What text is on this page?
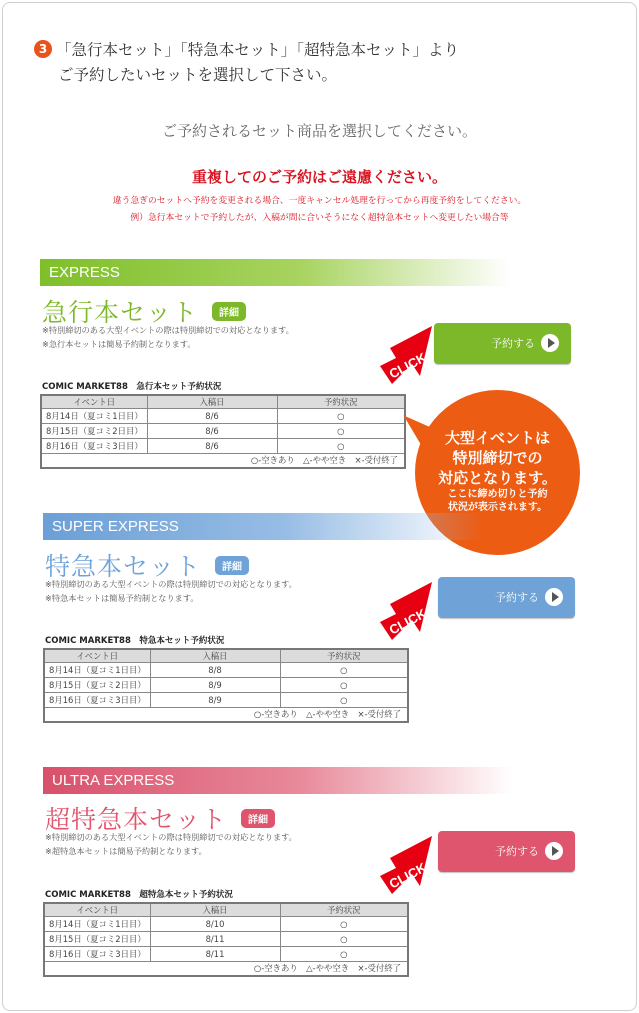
3 「急行本セット」「特急本セット」「超特急本セット」より
ご予約したいセットを選択して下さい。
ご予約されるセット商品を選択してください。
重複してのご予約はご遠慮ください。
違う急ぎのセットへ予約を変更される場合、一度キャンセル処理を行ってから再度予約をしてください。
例）急行本セットで予約したが、入稿が間に合いそうになく超特急本セットへ変更したい場合等
EXPRESS
急行本セット 詳細
※特別締切のある大型イベントの際は特別締切での対応となります。
※急行本セットは簡易予約制となります。	予約する
CLICK
COMIC MARKET88　急行本セット予約状況
イベント日	入稿日	予約状況
8月14日（夏コミ1日目）	8/6	○
8月15日（夏コミ2日目）	8/6	○
8月16日（夏コミ3日目）	8/6	○
○-空きあり　△-やや空き　×-受付終了		
大型イベントは
特別締切での
対応となります。
ここに締め切りと予約
状況が表示されます。
SUPER EXPRESS
特急本セット 詳細
※特別締切のある大型イベントの際は特別締切での対応となります。
※特急本セットは簡易予約制となります。	予約する
CLICK
COMIC MARKET88　特急本セット予約状況
イベント日	入稿日	予約状況
8月14日（夏コミ1日目）	8/8	○
8月15日（夏コミ2日目）	8/9	○
8月16日（夏コミ3日目）	8/9	○
○-空きあり　△-やや空き　×-受付終了		
ULTRA EXPRESS
超特急本セット 詳細
※特別締切のある大型イベントの際は特別締切での対応となります。
※超特急本セットは簡易予約制となります。	予約する
CLICK
COMIC MARKET88　超特急本セット予約状況
イベント日	入稿日	予約状況
8月14日（夏コミ1日目）	8/10	○
8月15日（夏コミ2日目）	8/11	○
8月16日（夏コミ3日目）	8/11	○
○-空きあり　△-やや空き　×-受付終了		
